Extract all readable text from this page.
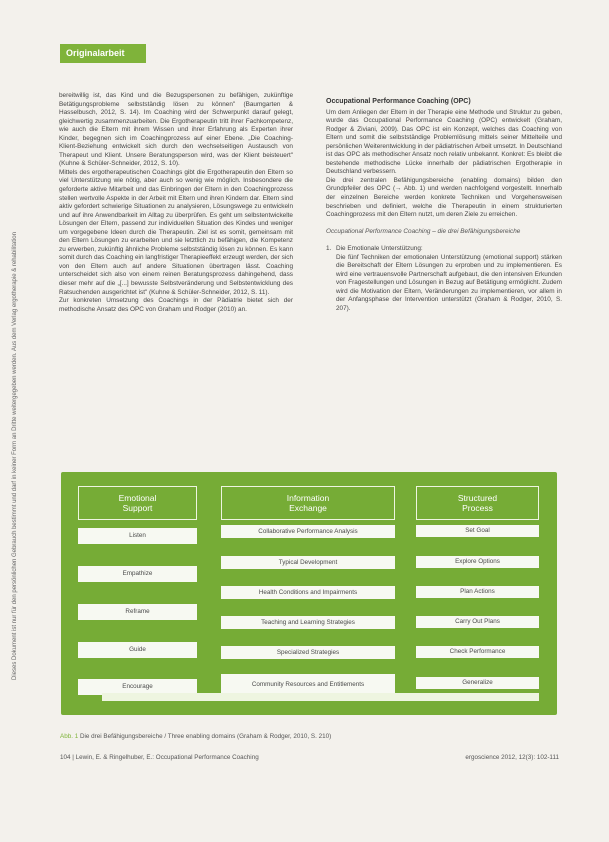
Originalarbeit
Dieses Dokument ist nur für den persönlichen Gebrauch bestimmt und darf in keiner Form an Dritte weitergegeben werden. Aus dem Verlag ergotherapie & rehabilitation

bereitwillig ist, das Kind und die Bezugspersonen zu befähigen, zukünftige Betätigungsprobleme selbstständig lösen zu können" (Baumgarten & Hasselbusch, 2012, S. 14). Im Coaching wird der Schwerpunkt darauf gelegt, gleichwertig zusammenzuarbeiten. Die Ergotherapeutin tritt ihrer Fachkompetenz, wie auch die Eltern mit ihrem Wissen und ihrer Erfahrung als Experten ihrer Kinder, begegnen sich im Coachingprozess auf einer Ebene. „Die Coaching-Klient-Beziehung entwickelt sich durch den wechselseitigen Austausch von Therapeut und Klient. Unsere Beratungsperson wird, was der Klient beisteuert" (Kuhne & Schüler-Schneider, 2012, S. 10).

Mittels des ergotherapeutischen Coachings gibt die Ergotherapeutin den Eltern so viel Unterstützung wie nötig, aber auch so wenig wie möglich. Insbesondere die geforderte aktive Mitarbeit und das Einbringen der Eltern in den Coachingprozess stellen wertvolle Aspekte in der Arbeit mit Eltern und ihren Kindern dar. Eltern sind aktiv gefordert schwierige Situationen zu analysieren, Lösungswege zu entwickeln und auf ihre Anwendbarkeit im Alltag zu überprüfen. Es geht um selbstentwickelte Lösungen der Eltern, passend zur individuellen Situation des Kindes und weniger um vorgegebene Ideen durch die Therapeutin. Ziel ist es somit, gemeinsam mit den Eltern Lösungen zu erarbeiten und sie letztlich zu befähigen, die Kompetenz zu erwerben, zukünftig ähnliche Probleme selbstständig lösen zu können. Es kann somit durch das Coaching ein langfristiger Therapieeffekt erzeugt werden, der sich von den Eltern auch auf andere Situationen übertragen lässt. Coaching unterscheidet sich also von einem reinen Beratungsprozess dahingehend, dass dieser mehr auf die „[...] bewusste Selbstveränderung und Selbstentwicklung des Ratsuchenden ausgerichtet ist" (Kuhne & Schüler-Schneider, 2012, S. 11).

Zur konkreten Umsetzung des Coachings in der Pädiatrie bietet sich der methodische Ansatz des OPC von Graham und Rodger (2010) an.

Occupational Performance Coaching (OPC)

Um dem Anliegen der Eltern in der Therapie eine Methode und Struktur zu geben, wurde das Occupational Performance Coaching (OPC) entwickelt (Graham, Rodger & Ziviani, 2009). Das OPC ist ein Konzept, welches das Coaching von Eltern und somit die selbstständige Problemlösung mittels seiner Mittelteile und persönlichen Weiterentwicklung in der pädiatrischen Arbeit umsetzt. In Deutschland ist das OPC als methodischer Ansatz noch relativ unbekannt. Konkret: Es bleibt die bestehende methodische Lücke innerhalb der pädiatrischen Ergotherapie in Deutschland verbessern.

Die drei zentralen Befähigungsbereiche (enabling domains) bilden den Grundpfeiler des OPC (→ Abb. 1) und werden nachfolgend vorgestellt. Innerhalb der einzelnen Bereiche werden konkrete Techniken und Vorgehensweisen beschrieben und definiert, welche die Therapeutin in einem strukturierten Coachingprozess mit den Eltern nutzt, um deren Ziele zu erreichen.

Occupational Performance Coaching – die drei Befähigungsbereiche

1. Die Emotionale Unterstützung:
Die fünf Techniken der emotionalen Unterstützung (emotional support) stärken die Bereitschaft der Eltern Lösungen zu erproben und zu implementieren. Es wird eine vertrauensvolle Partnerschaft aufgebaut, die den intensiven Erkunden von Fragestellungen und Lösungen in Bezug auf Betätigung ermöglicht. Zudem wird die Motivation der Eltern, Veränderungen zu implementieren, vor allem in der Anfangsphase der Intervention unterstützt (Graham & Rodger, 2010, S. 207).

Emotional
Support
Listen
Empathize
Reframe
Guide
Encourage
Information
Exchange
Collaborative Performance Analysis
Typical Development
Health Conditions and Impairments
Teaching and Learning Strategies
Specialized Strategies
Community Resources and Entitlements
Structured
Process
Set Goal
Explore Options
Plan Actions
Carry Out Plans
Check Performance
Generalize
Abb. 1 Die drei Befähigungsbereiche / Three enabling domains (Graham & Rodger, 2010, S. 210)
104 | Lewin, E. & Ringelhuber, E.: Occupational Performance Coaching	ergoscience 2012, 12(3): 102-111
